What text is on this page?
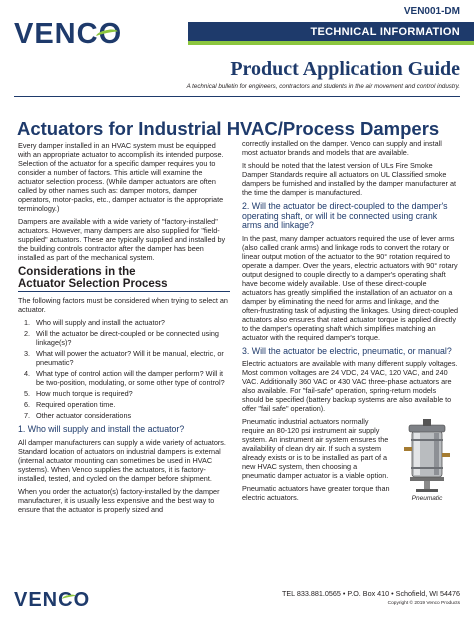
VENCO
VEN001-DM
TECHNICAL INFORMATION
Product Application Guide
A technical bulletin for engineers, contractors and students in the air movement and control industry.
Actuators for Industrial HVAC/Process Dampers

Every damper installed in an HVAC system must be equipped with an appropriate actuator to accomplish its intended purpose. Selection of the actuator for a specific damper requires you to consider a number of factors. This article will examine the actuator selection process. (While damper actuators are often called by other names such as: damper motors, damper operators, motor-packs, etc., damper actuator is the appropriate terminology.)

Dampers are available with a wide variety of "factory-installed" actuators. However, many dampers are also supplied for "field-supplied" actuators. These are typically supplied and installed by the building controls contractor after the damper has been installed as part of the mechanical system.

Considerations in the
Actuator Selection Process

The following factors must be considered when trying to select an actuator.

1. Who will supply and install the actuator?
2. Will the actuator be direct-coupled or be connected using linkage(s)?
3. What will power the actuator? Will it be manual, electric, or pneumatic?
4. What type of control action will the damper perform? Will it be two-position, modulating, or some other type of control?
5. How much torque is required?
6. Required operation time.
7. Other actuator considerations
1. Who will supply and install the actuator?

All damper manufacturers can supply a wide variety of actuators. Standard location of actuators on industrial dampers is external (internal actuator mounting can sometimes be used in HVAC systems). When Venco supplies the actuators, it is factory-installed, tested, and cycled on the damper before shipment.

When you order the actuator(s) factory-installed by the damper manufacturer, it is usually less expensive and the best way to ensure that the actuator is properly sized and

correctly installed on the damper. Venco can supply and install most actuator brands and models that are available.

It should be noted that the latest version of ULs Fire Smoke Damper Standards require all actuators on UL Classified smoke dampers be furnished and installed by the damper manufacturer at the time the damper is manufactured.

2. Will the actuator be direct-coupled to the damper's operating shaft, or will it be connected using crank arms and linkage?

In the past, many damper actuators required the use of lever arms (also called crank arms) and linkage rods to convert the rotary or linear output motion of the actuator to the 90° rotation required to operate a damper. Over the years, electric actuators with 90° rotary output designed to couple directly to a damper's operating shaft have become widely available. Use of these direct-couple actuators has greatly simplified the installation of an actuator on a damper by eliminating the need for arms and linkage, and the often-frustrating task of adjusting the linkages. Using direct-coupled actuators also ensures that rated actuator torque is applied directly to the damper's operating shaft which simplifies matching an actuator with the required damper's torque.

3. Will the actuator be electric, pneumatic, or manual?

Electric actuators are available with many different supply voltages. Most common voltages are 24 VDC, 24 VAC, 120 VAC, and 240 VAC. Additionally 360 VAC or 430 VAC three-phase actuators are also available. For "fail-safe" operation, spring-return models should be specified (battery backup systems are also available to offer "fail safe" operation).

Pneumatic

Pneumatic industrial actuators normally require an 80-120 psi instrument air supply system. An instrument air system ensures the availability of clean dry air. If such a system already exists or is to be installed as part of a new HVAC system, then choosing a pneumatic damper actuator is a viable option.

Pneumatic actuators have greater torque than electric actuators.

VENCO	TEL 833.881.0565 • P.O. Box 410 • Schofield, WI 54476
Copyright © 2019 Venco Products
